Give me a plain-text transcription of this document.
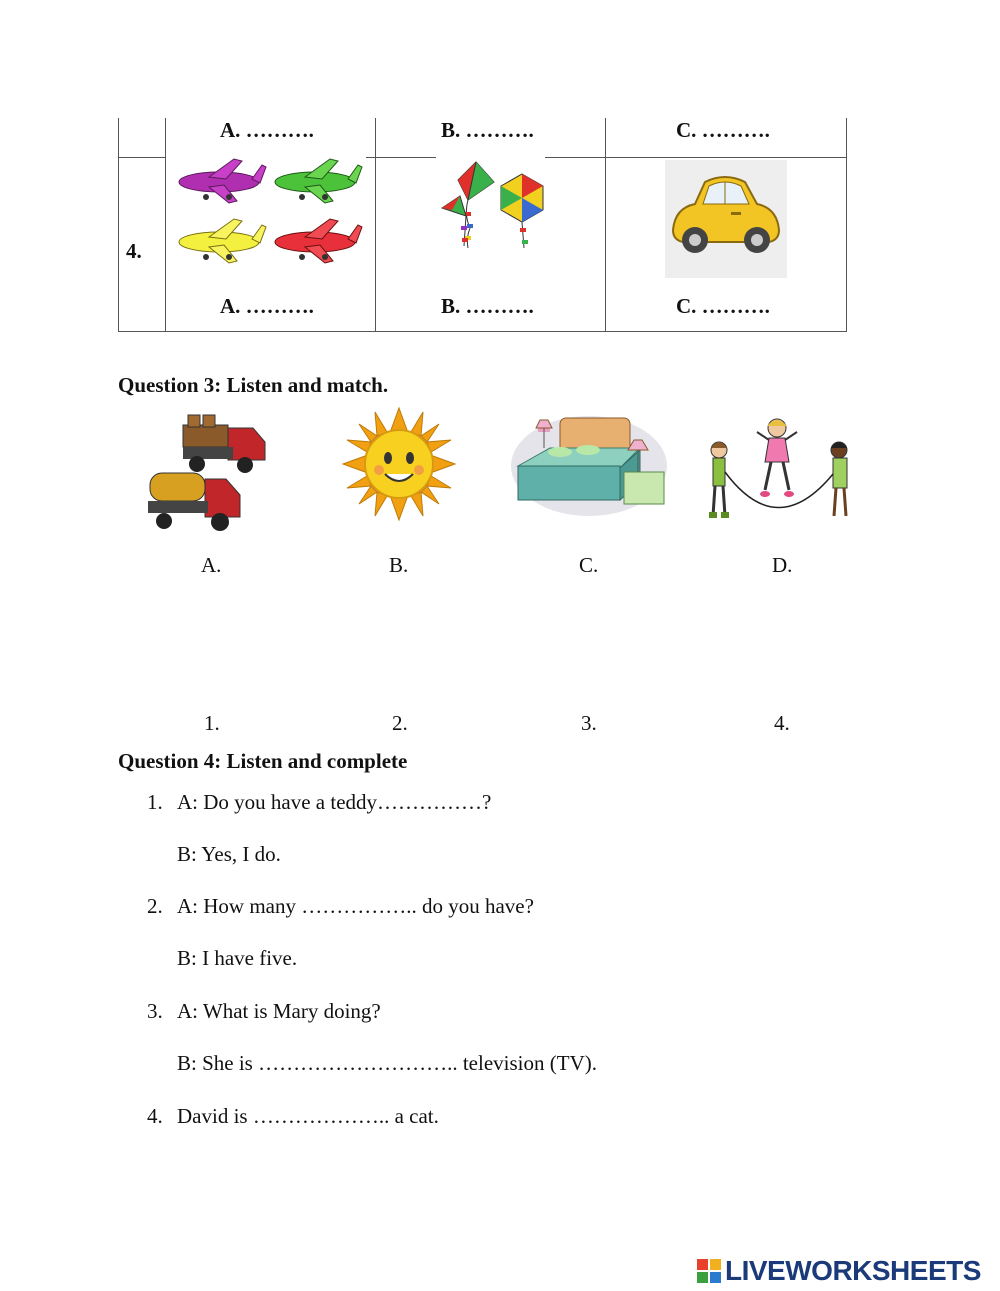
A. ……….	B. ……….	C. ……….
4.
A. ……….	B. ……….	C. ……….
Question 3: Listen and match.
A.	B.	C.	D.
1.	2.	3.	4.
Question 4: Listen and complete
1. A: Do you have a teddy……………?
B: Yes, I do.
2. A: How many …………….. do you have?
B: I have five.
3. A: What is Mary doing?
B: She is ……………………….. television (TV).
4. David is ……………….. a cat.
LIVEWORKSHEETS
